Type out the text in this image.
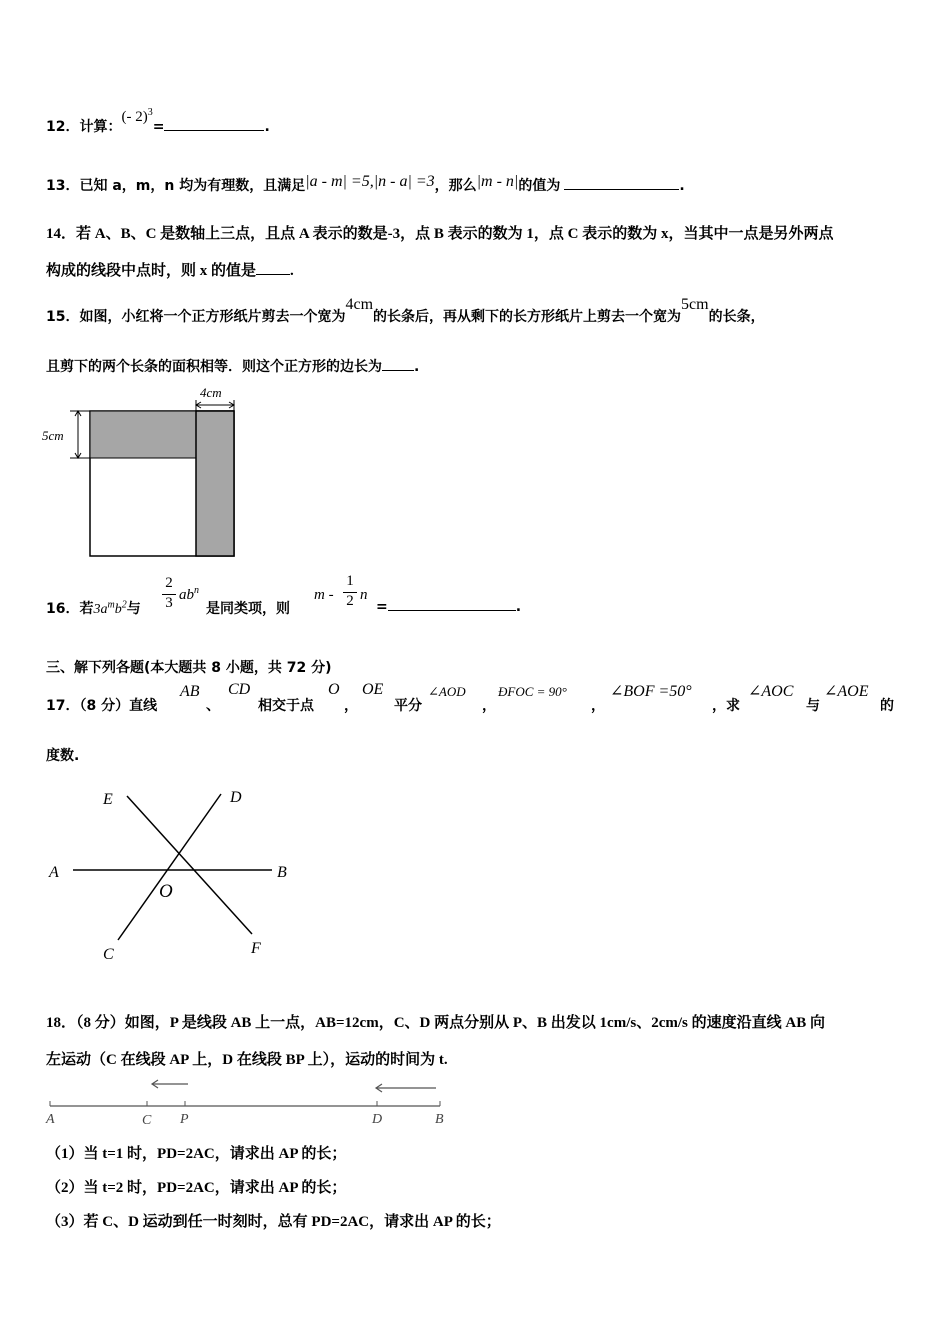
12．计算：(- 2)$^3$=	.
13．已知 a，m，n 均为有理数，且满足|a - m| =5,|n - a| =3，那么|m - n|的值为	.
14．若 A、B、C 是数轴上三点，且点 A 表示的数是-3，点 B 表示的数为 1，点 C 表示的数为 x，当其中一点是另外两点
构成的线段中点时，则 x 的值是 .
15．如图，小红将一个正方形纸片剪去一个宽为4cm的长条后，再从剩下的长方形纸片上剪去一个宽为5cm的长条，
且剪下的两个长条的面积相等．则这个正方形的边长为 .
4cm
5cm
16．若$3a^mb^2$与
2
3 $ab^n$
是同类项，则
m -
1
2 n
=	.
三、解下列各题(本大题共 8 小题，共 72 分)
17．（8 分）直线
AB
、
CD
相交于点
O
，
OE
平分
∠AOD
，
ÐFOC = 90°
，
∠BOF =50°
，求
∠AOC
与
∠AOE
的
度数.
E	D
A	B
O
C	F
18．（8 分）如图，P 是线段 AB 上一点，AB=12cm，C、D 两点分别从 P、B 出发以 1cm/s、2cm/s 的速度沿直线 AB 向
左运动（C 在线段 AP 上，D 在线段 BP 上），运动的时间为 t.
A	C P	D	B
（1）当 t=1 时，PD=2AC，请求出 AP 的长；
（2）当 t=2 时，PD=2AC，请求出 AP 的长；
（3）若 C、D 运动到任一时刻时，总有 PD=2AC，请求出 AP 的长；
